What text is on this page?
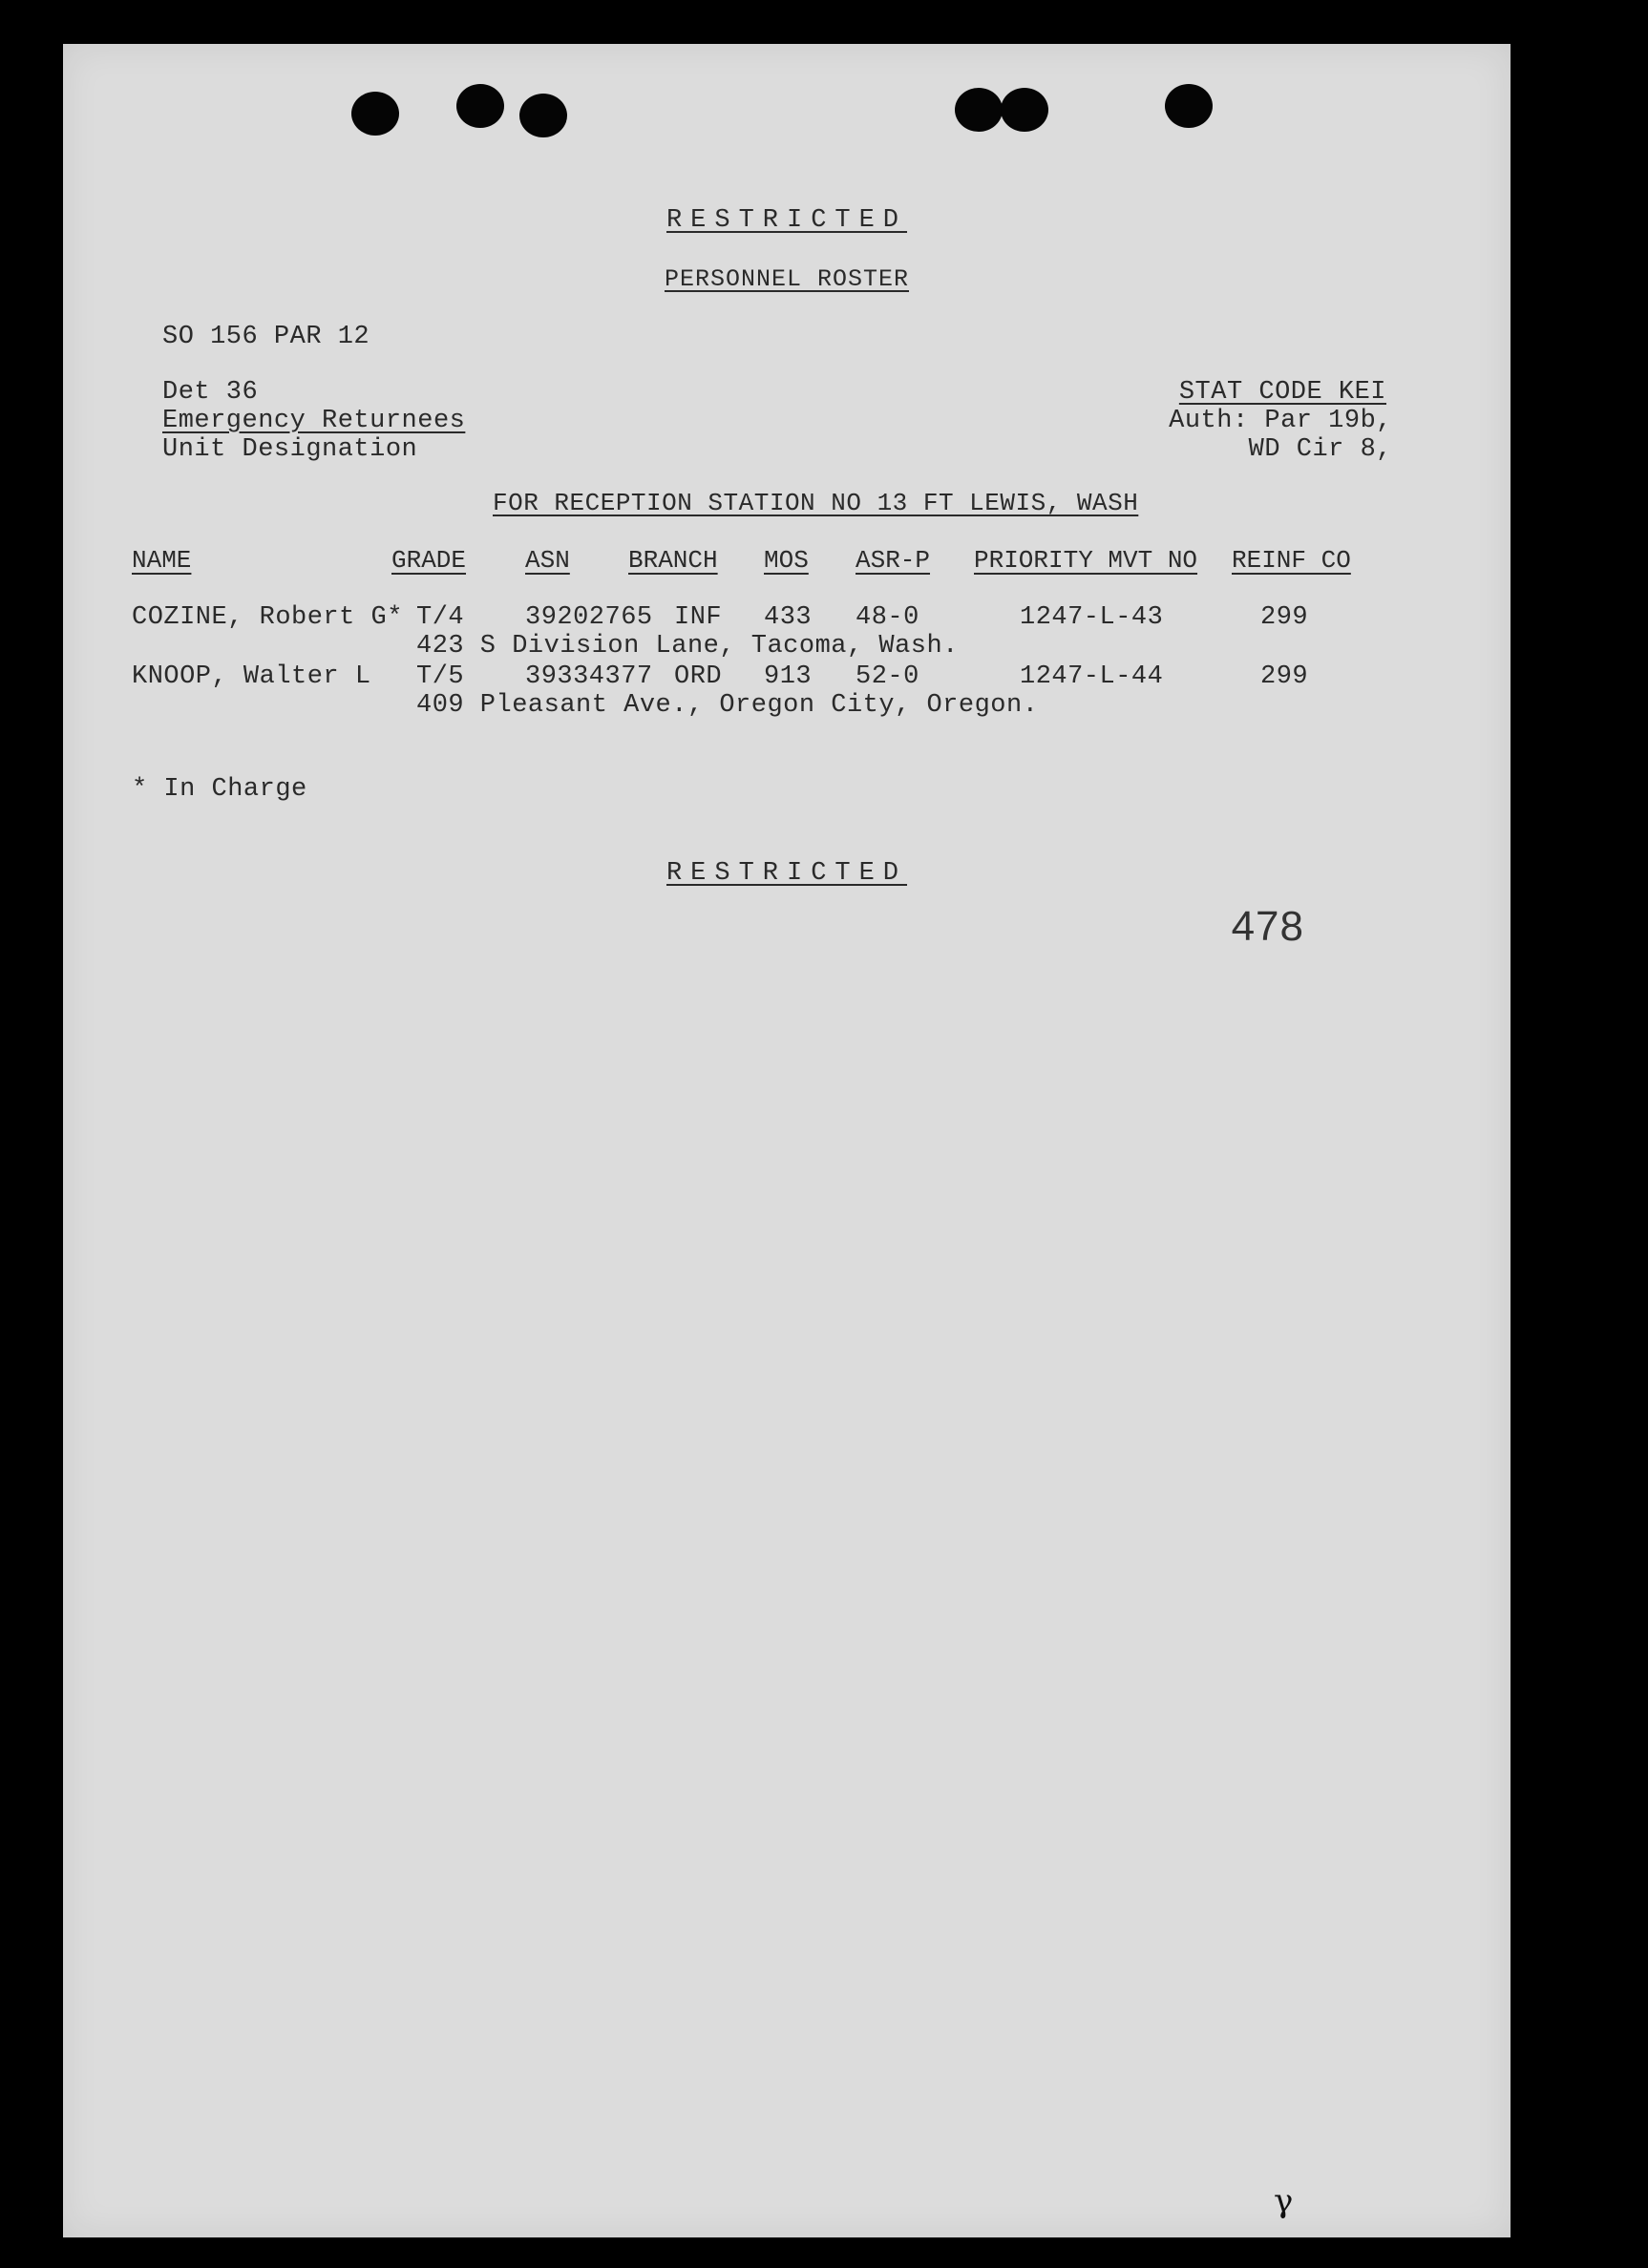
RESTRICTED
PERSONNEL ROSTER
SO 156 PAR 12
Det 36
Emergency Returnees
Unit Designation
STAT CODE KEI
Auth: Par 19b,
WD Cir 8,
FOR RECEPTION STATION NO 13 FT LEWIS, WASH
NAME	GRADE ASN BRANCH MOS ASR-P PRIORITY MVT NO REINF CO
COZINE, Robert G* T/4 39202765 INF 433 48-0	1247-L-43	299
423 S Division Lane, Tacoma, Wash.
KNOOP, Walter L T/5 39334377 ORD 913 52-0	1247-L-44	299
409 Pleasant Ave., Oregon City, Oregon.
* In Charge
RESTRICTED
478
γ
